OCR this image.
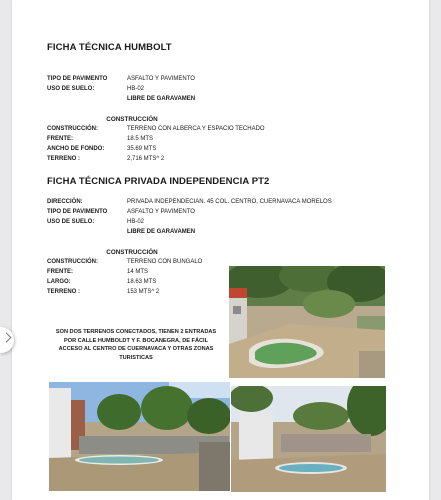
FICHA TÉCNICA HUMBOLT
TIPO DE PAVIMENTO	ASFALTO Y PAVIMENTO
USO DE SUELO:	HB-02
LIBRE DE GARAVAMEN
CONSTRUCCIÓN
CONSTRUCCIÓN:	TERRENO CON ALBERCA Y ESPACIO TECHADO
FRENTE:	18.5 MTS
ANCHO DE FONDO:	35.69 MTS
TERRENO :	2,716 MTS^ 2
FICHA TÉCNICA PRIVADA INDEPENDENCIA PT2
DIRECCIÓN:	PRIVADA INDEPENDECIAN. 45 COL. CENTRO, CUERNAVACA MORELOS
TIPO DE PAVIMENTO	ASFALTO Y PAVIMENTO
USO DE SUELO:	HB-02
LIBRE DE GARAVAMEN
CONSTRUCCIÓN
CONSTRUCCIÓN:	TERRENO CON BUNGALO
FRENTE:	14 MTS
LARGO:	18.63 MTS
TERRENO :	153 MTS^ 2
SON DOS TERRENOS CONECTADOS, TIENEN 2 ENTRADAS POR CALLE HUMBOLDT Y F. BOCANEGRA, DE FÁCIL ACCESO AL CENTRO DE CUERNAVACA Y OTRAS ZONAS TURISTICAS
